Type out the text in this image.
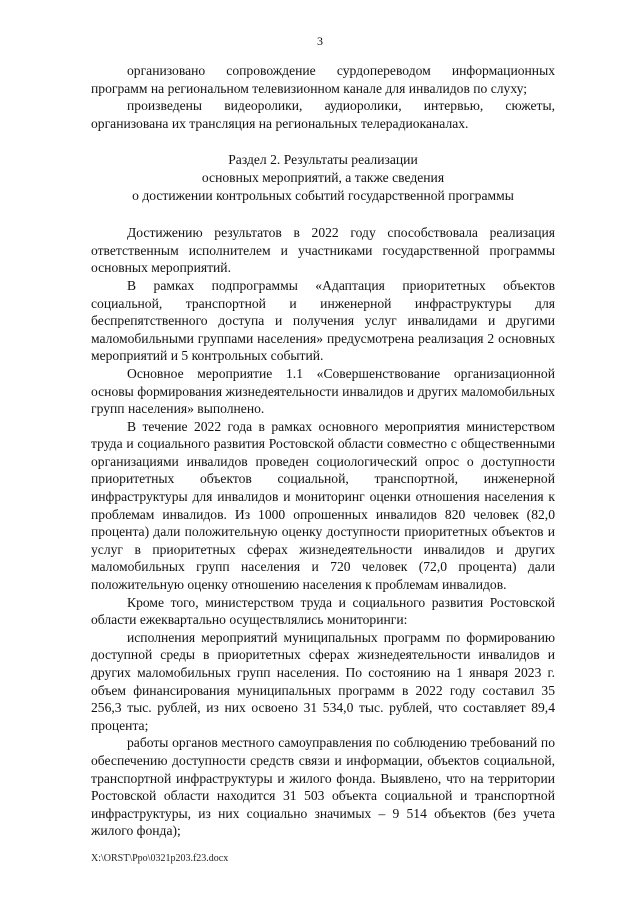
3

организовано сопровождение сурдопереводом информационных программ на региональном телевизионном канале для инвалидов по слуху;

произведены видеоролики, аудиоролики, интервью, сюжеты, организована их трансляция на региональных телерадиоканалах.

Раздел 2. Результаты реализации
основных мероприятий, а также сведения
о достижении контрольных событий государственной программы

Достижению результатов в 2022 году способствовала реализация ответственным исполнителем и участниками государственной программы основных мероприятий.

В рамках подпрограммы «Адаптация приоритетных объектов социальной, транспортной и инженерной инфраструктуры для беспрепятственного доступа и получения услуг инвалидами и другими маломобильными группами населения» предусмотрена реализация 2 основных мероприятий и 5 контрольных событий.

Основное мероприятие 1.1 «Совершенствование организационной основы формирования жизнедеятельности инвалидов и других маломобильных групп населения» выполнено.

В течение 2022 года в рамках основного мероприятия министерством труда и социального развития Ростовской области совместно с общественными организациями инвалидов проведен социологический опрос о доступности приоритетных объектов социальной, транспортной, инженерной инфраструктуры для инвалидов и мониторинг оценки отношения населения к проблемам инвалидов. Из 1000 опрошенных инвалидов 820 человек (82,0 процента) дали положительную оценку доступности приоритетных объектов и услуг в приоритетных сферах жизнедеятельности инвалидов и других маломобильных групп населения и 720 человек (72,0 процента) дали положительную оценку отношению населения к проблемам инвалидов.

Кроме того, министерством труда и социального развития Ростовской области ежеквартально осуществлялись мониторинги:

исполнения мероприятий муниципальных программ по формированию доступной среды в приоритетных сферах жизнедеятельности инвалидов и других маломобильных групп населения. По состоянию на 1 января 2023 г. объем финансирования муниципальных программ в 2022 году составил 35 256,3 тыс. рублей, из них освоено 31 534,0 тыс. рублей, что составляет 89,4 процента;

работы органов местного самоуправления по соблюдению требований по обеспечению доступности средств связи и информации, объектов социальной, транспортной инфраструктуры и жилого фонда. Выявлено, что на территории Ростовской области находится 31 503 объекта социальной и транспортной инфраструктуры, из них социально значимых – 9 514 объектов (без учета жилого фонда);

X:\ORST\Ppo\0321p203.f23.docx
